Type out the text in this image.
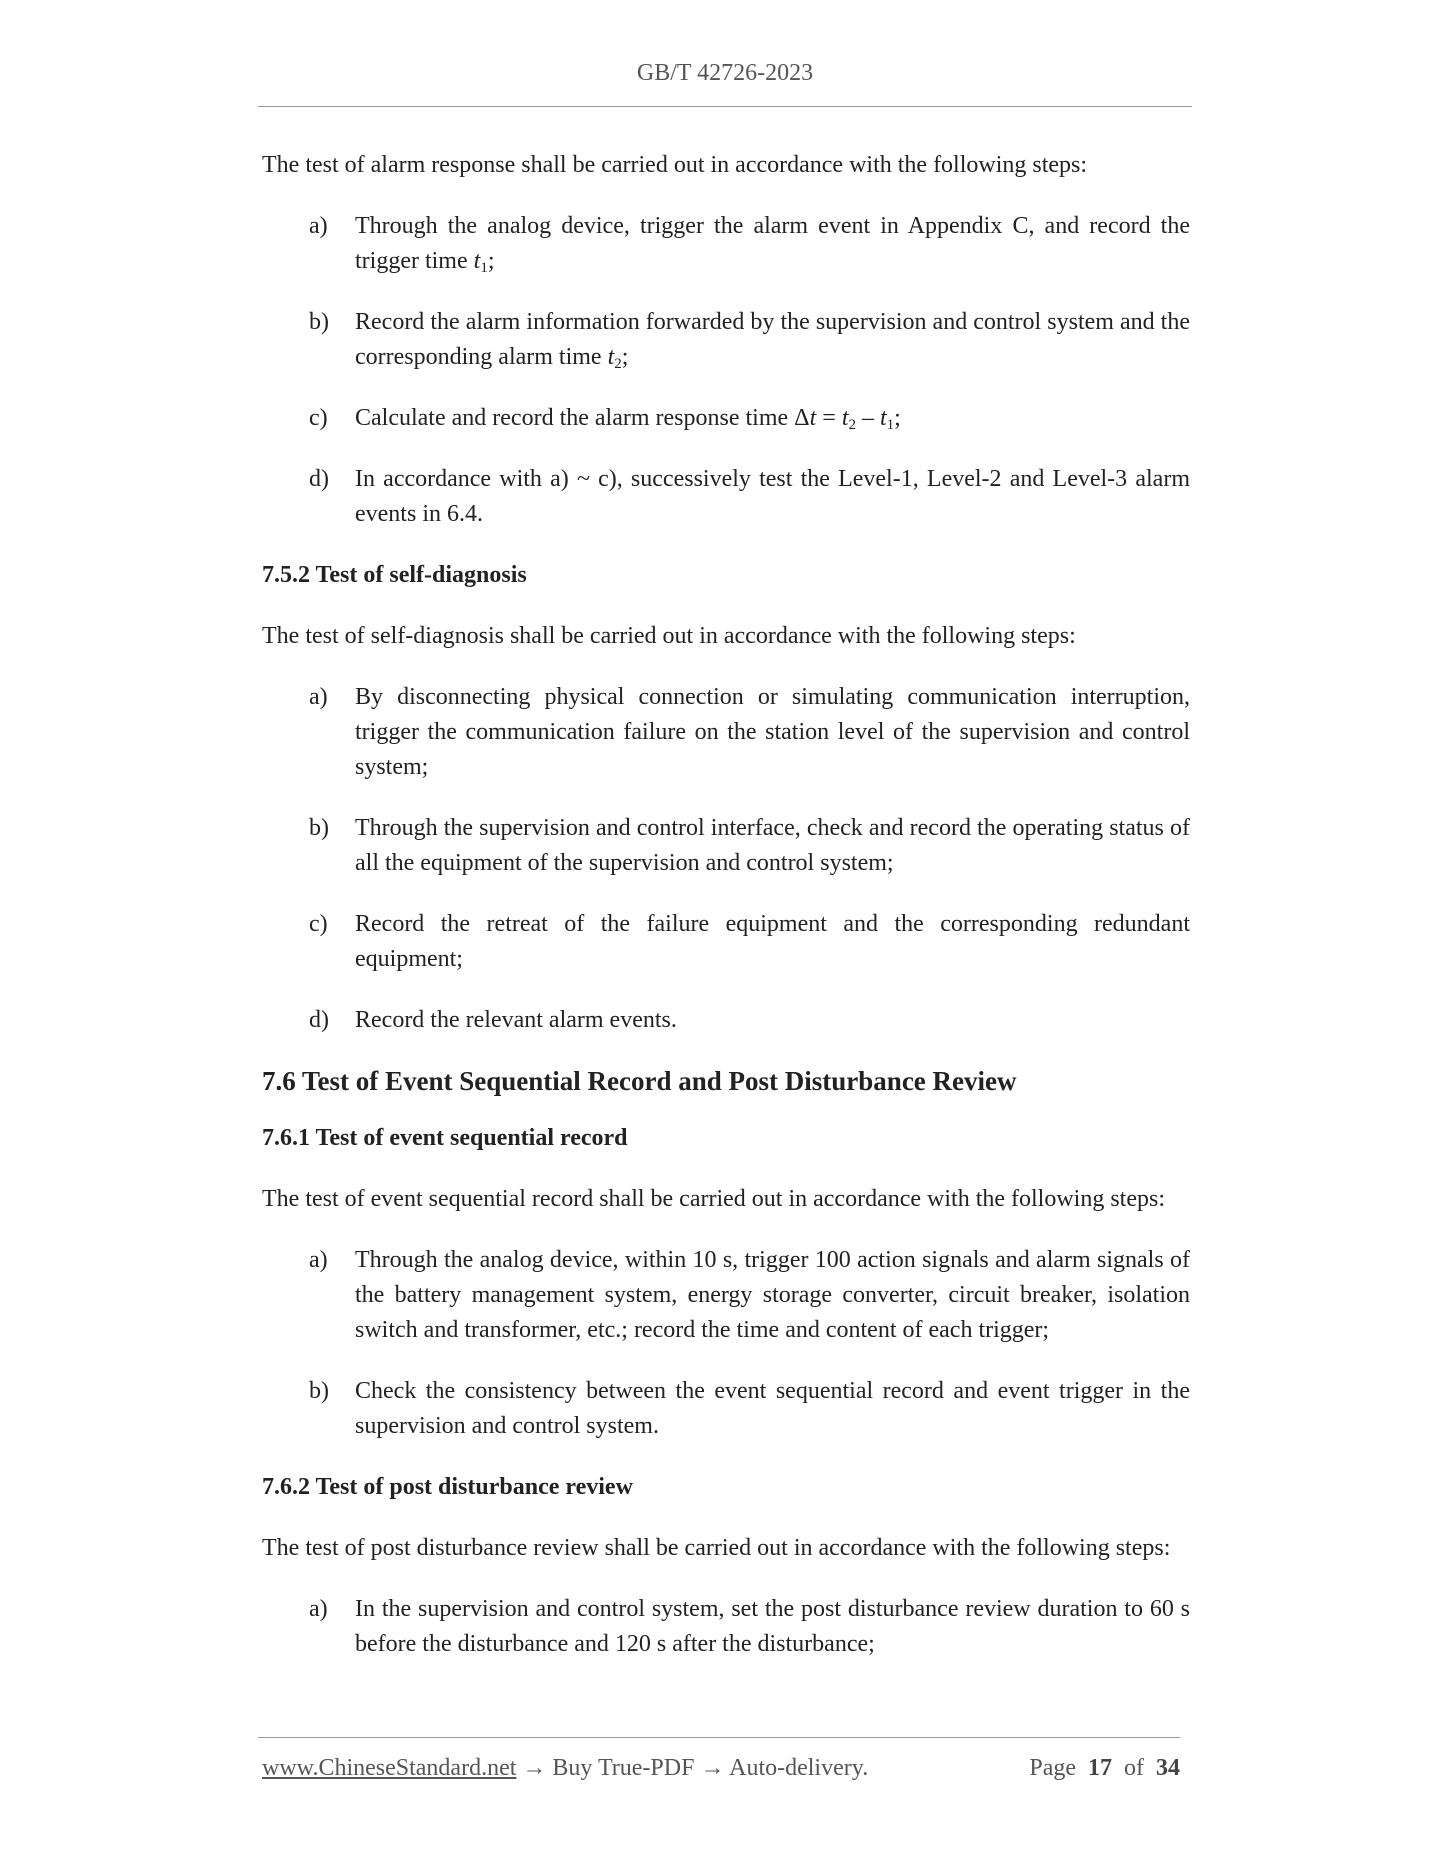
GB/T 42726-2023

The test of alarm response shall be carried out in accordance with the following steps:

a)	Through the analog device, trigger the alarm event in Appendix C, and record the trigger time $t_1$;
b)	Record the alarm information forwarded by the supervision and control system and the corresponding alarm time $t_2$;
c)	Calculate and record the alarm response time $\Delta t = t_2 - t_1$;
d)	In accordance with a) ~ c), successively test the Level-1, Level-2 and Level-3 alarm events in 6.4.
7.5.2 Test of self-diagnosis

The test of self-diagnosis shall be carried out in accordance with the following steps:

a)	By disconnecting physical connection or simulating communication interruption, trigger the communication failure on the station level of the supervision and control system;
b)	Through the supervision and control interface, check and record the operating status of all the equipment of the supervision and control system;
c)	Record the retreat of the failure equipment and the corresponding redundant equipment;
d)	Record the relevant alarm events.
7.6 Test of Event Sequential Record and Post Disturbance Review
7.6.1 Test of event sequential record

The test of event sequential record shall be carried out in accordance with the following steps:

a)	Through the analog device, within 10 s, trigger 100 action signals and alarm signals of the battery management system, energy storage converter, circuit breaker, isolation switch and transformer, etc.; record the time and content of each trigger;
b)	Check the consistency between the event sequential record and event trigger in the supervision and control system.
7.6.2 Test of post disturbance review

The test of post disturbance review shall be carried out in accordance with the following steps:

a)	In the supervision and control system, set the post disturbance review duration to 60 s before the disturbance and 120 s after the disturbance;
www.ChineseStandard.net → Buy True-PDF → Auto-delivery.	Page 17 of 34
